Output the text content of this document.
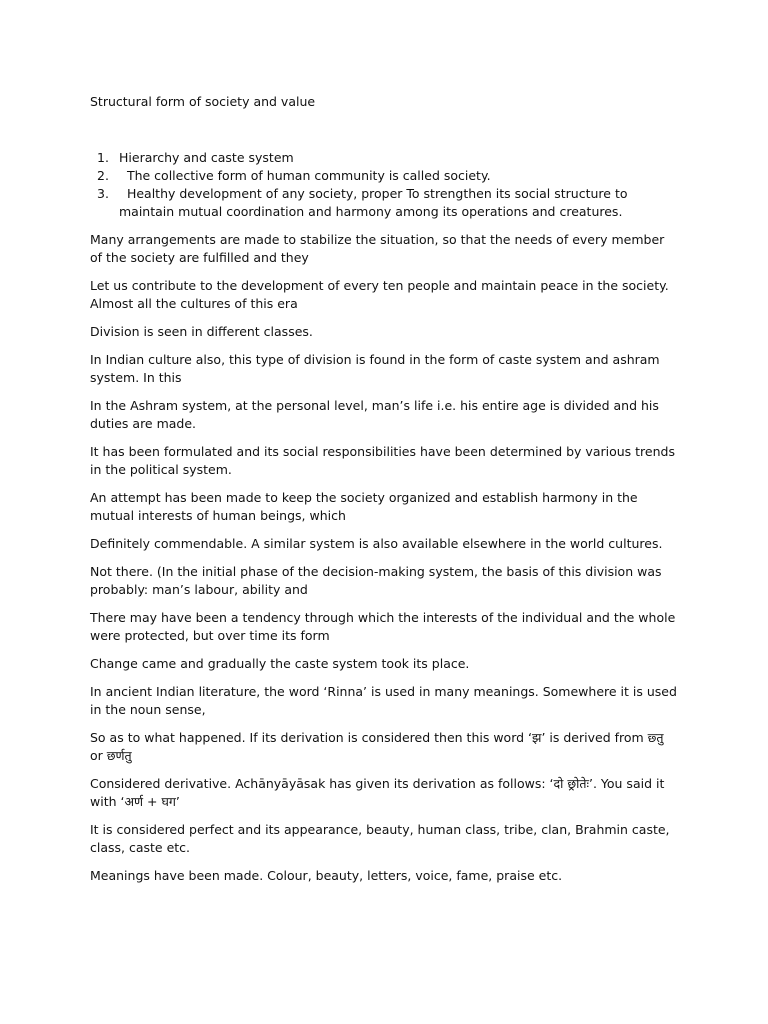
Structural form of society and value
1. Hierarchy and caste system
2. The collective form of human community is called society.
3. Healthy development of any society, proper To strengthen its social structure to maintain mutual coordination and harmony among its operations and creatures.

Many arrangements are made to stabilize the situation, so that the needs of every member of the society are fulfilled and they

Let us contribute to the development of every ten people and maintain peace in the society. Almost all the cultures of this era

Division is seen in different classes.

In Indian culture also, this type of division is found in the form of caste system and ashram system. In this

In the Ashram system, at the personal level, man’s life i.e. his entire age is divided and his duties are made.

It has been formulated and its social responsibilities have been determined by various trends in the political system.

An attempt has been made to keep the society organized and establish harmony in the mutual interests of human beings, which

Definitely commendable. A similar system is also available elsewhere in the world cultures.

Not there. (In the initial phase of the decision-making system, the basis of this division was probably: man’s labour, ability and

There may have been a tendency through which the interests of the individual and the whole were protected, but over time its form

Change came and gradually the caste system took its place.

In ancient Indian literature, the word ‘Rinna’ is used in many meanings. Somewhere it is used in the noun sense,

So as to what happened. If its derivation is considered then this word ‘झ’ is derived from छ्तु or छर्णतु

Considered derivative. Achānyāyāsak has given its derivation as follows: ‘दो छ्रोतेः’. You said it with ‘अर्ण + घग’

It is considered perfect and its appearance, beauty, human class, tribe, clan, Brahmin caste, class, caste etc.

Meanings have been made. Colour, beauty, letters, voice, fame, praise etc.
